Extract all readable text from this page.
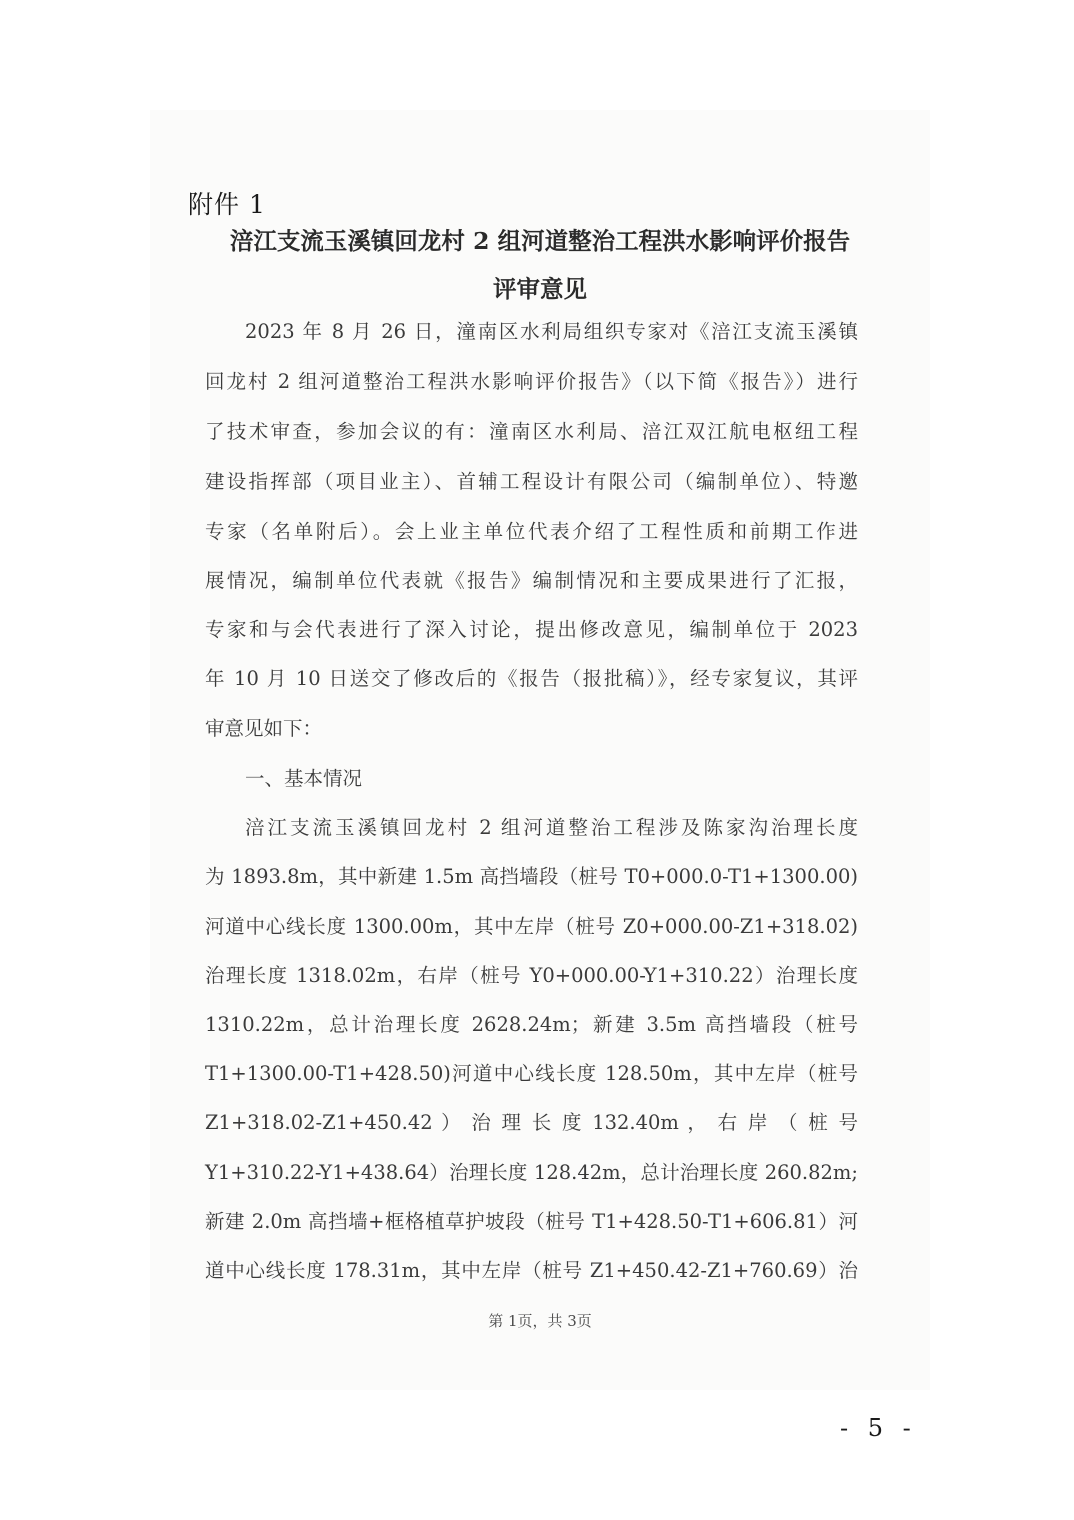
附件 1
涪江支流玉溪镇回龙村 2 组河道整治工程洪水影响评价报告
评审意见
2023 年 8 月 26 日，潼南区水利局组织专家对《涪江支流玉溪镇
回龙村 2 组河道整治工程洪水影响评价报告》（以下简《报告》）进行
了技术审查，参加会议的有：潼南区水利局、涪江双江航电枢纽工程
建设指挥部（项目业主）、首辅工程设计有限公司（编制单位）、特邀
专家（名单附后）。会上业主单位代表介绍了工程性质和前期工作进
展情况，编制单位代表就《报告》编制情况和主要成果进行了汇报，
专家和与会代表进行了深入讨论，提出修改意见，编制单位于 2023
年 10 月 10 日送交了修改后的《报告（报批稿）》，经专家复议，其评
审意见如下：
一、基本情况
涪江支流玉溪镇回龙村 2 组河道整治工程涉及陈家沟治理长度
为 1893.8m，其中新建 1.5m 高挡墙段（桩号 T0+000.0-T1+1300.00)
河道中心线长度 1300.00m，其中左岸（桩号 Z0+000.00-Z1+318.02)
治理长度 1318.02m，右岸（桩号 Y0+000.00-Y1+310.22）治理长度
1310.22m，总计治理长度 2628.24m；新建 3.5m 高挡墙段（桩号
T1+1300.00-T1+428.50)河道中心线长度 128.50m，其中左岸（桩号
Z1+318.02-Z1+450.42 ） 治 理 长 度 132.40m ， 右 岸 （ 桩 号
Y1+310.22-Y1+438.64）治理长度 128.42m，总计治理长度 260.82m;
新建 2.0m 高挡墙+框格植草护坡段（桩号 T1+428.50-T1+606.81）河
道中心线长度 178.31m，其中左岸（桩号 Z1+450.42-Z1+760.69）治
第 1页，共 3页
- 5 -
